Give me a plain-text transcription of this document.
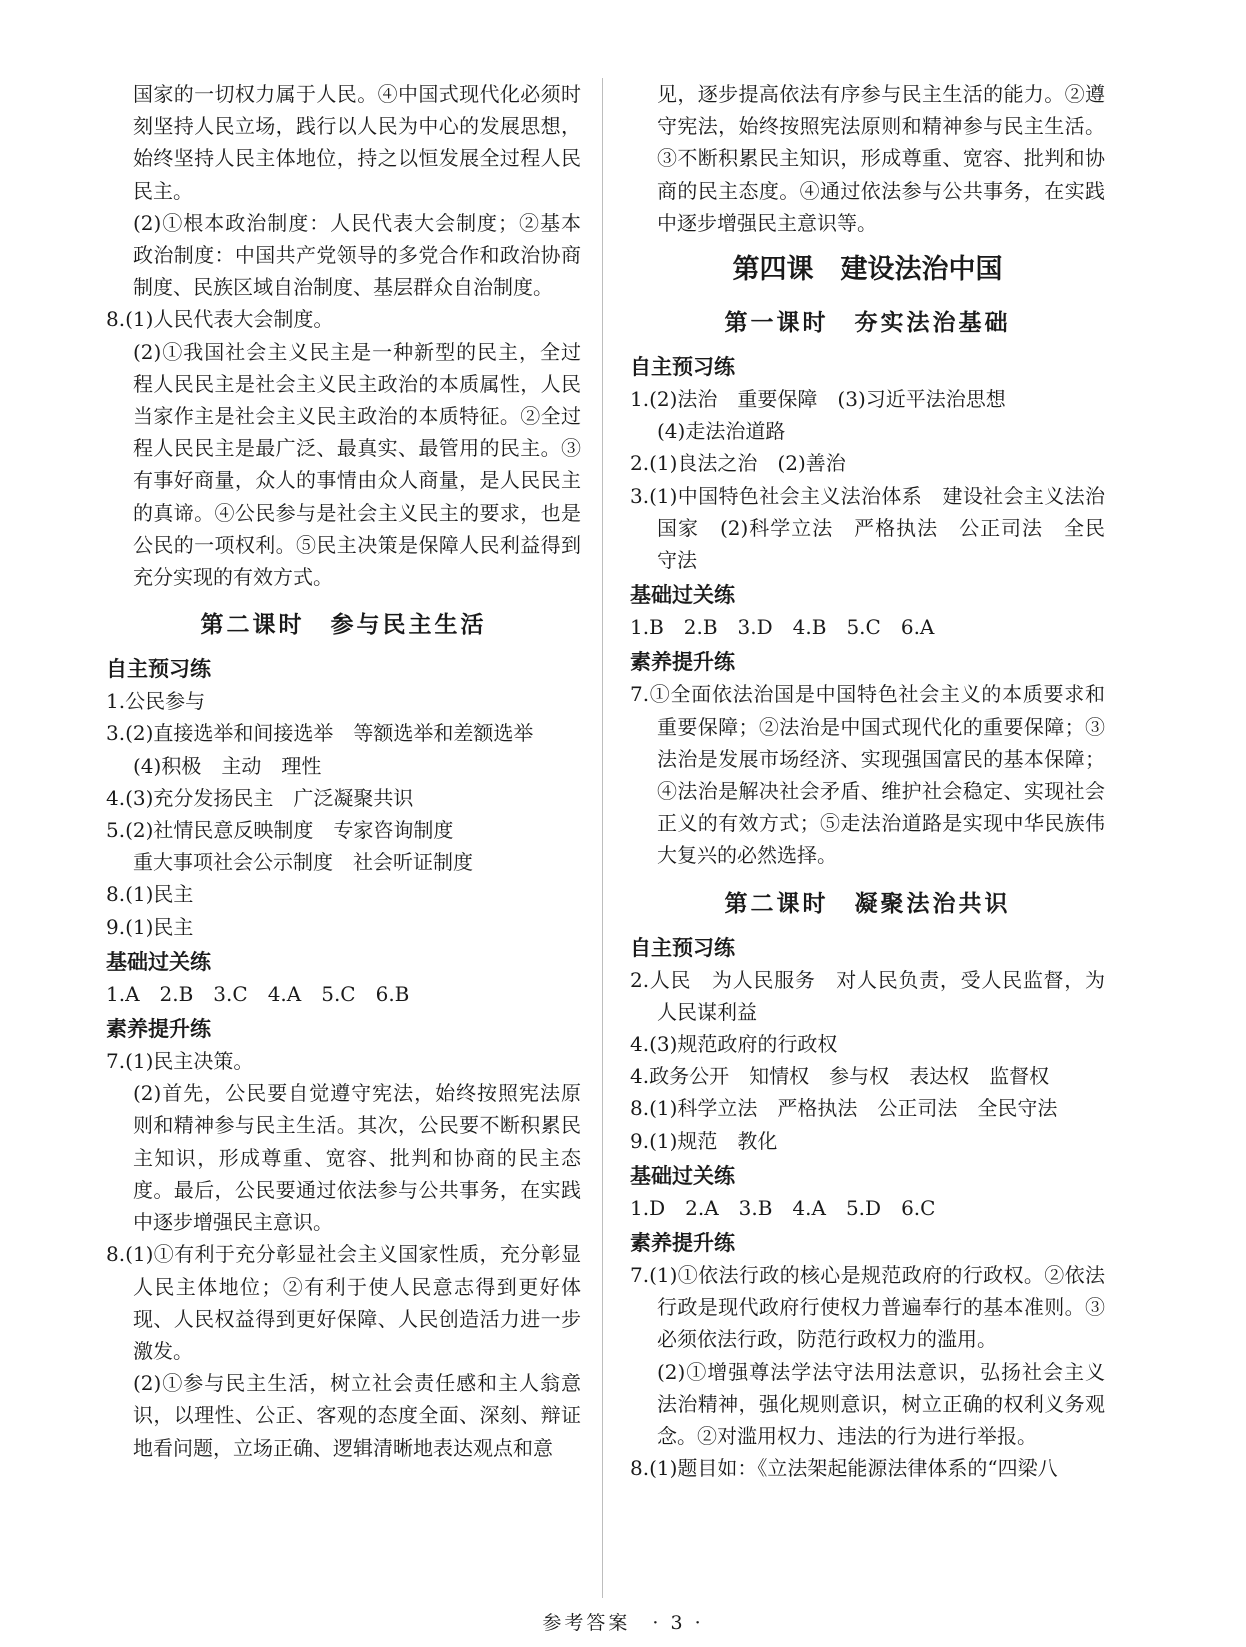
国家的一切权力属于人民。④中国式现代化必须时刻坚持人民立场，践行以人民为中心的发展思想，始终坚持人民主体地位，持之以恒发展全过程人民民主。

(2)①根本政治制度：人民代表大会制度；②基本政治制度：中国共产党领导的多党合作和政治协商制度、民族区域自治制度、基层群众自治制度。

8.(1)人民代表大会制度。

(2)①我国社会主义民主是一种新型的民主，全过程人民民主是社会主义民主政治的本质属性，人民当家作主是社会主义民主政治的本质特征。②全过程人民民主是最广泛、最真实、最管用的民主。③有事好商量，众人的事情由众人商量，是人民民主的真谛。④公民参与是社会主义民主的要求，也是公民的一项权利。⑤民主决策是保障人民利益得到充分实现的有效方式。

第二课时　参与民主生活
自主预习练

1.公民参与

3.(2)直接选举和间接选举　等额选举和差额选举

(4)积极　主动　理性

4.(3)充分发扬民主　广泛凝聚共识

5.(2)社情民意反映制度　专家咨询制度

重大事项社会公示制度　社会听证制度

8.(1)民主

9.(1)民主

基础过关练

1.A　2.B　3.C　4.A　5.C　6.B

素养提升练

7.(1)民主决策。

(2)首先，公民要自觉遵守宪法，始终按照宪法原则和精神参与民主生活。其次，公民要不断积累民主知识，形成尊重、宽容、批判和协商的民主态度。最后，公民要通过依法参与公共事务，在实践中逐步增强民主意识。

8.(1)①有利于充分彰显社会主义国家性质，充分彰显人民主体地位；②有利于使人民意志得到更好体现、人民权益得到更好保障、人民创造活力进一步激发。

(2)①参与民主生活，树立社会责任感和主人翁意识，以理性、公正、客观的态度全面、深刻、辩证地看问题，立场正确、逻辑清晰地表达观点和意

见，逐步提高依法有序参与民主生活的能力。②遵守宪法，始终按照宪法原则和精神参与民主生活。③不断积累民主知识，形成尊重、宽容、批判和协商的民主态度。④通过依法参与公共事务，在实践中逐步增强民主意识等。

第四课　建设法治中国
第一课时　夯实法治基础
自主预习练

1.(2)法治　重要保障　(3)习近平法治思想

(4)走法治道路

2.(1)良法之治　(2)善治

3.(1)中国特色社会主义法治体系　建设社会主义法治国家　(2)科学立法　严格执法　公正司法　全民守法

基础过关练

1.B　2.B　3.D　4.B　5.C　6.A

素养提升练

7.①全面依法治国是中国特色社会主义的本质要求和重要保障；②法治是中国式现代化的重要保障；③法治是发展市场经济、实现强国富民的基本保障；④法治是解决社会矛盾、维护社会稳定、实现社会正义的有效方式；⑤走法治道路是实现中华民族伟大复兴的必然选择。

第二课时　凝聚法治共识
自主预习练

2.人民　为人民服务　对人民负责，受人民监督，为人民谋利益

4.(3)规范政府的行政权

4.政务公开　知情权　参与权　表达权　监督权

8.(1)科学立法　严格执法　公正司法　全民守法

9.(1)规范　教化

基础过关练

1.D　2.A　3.B　4.A　5.D　6.C

素养提升练

7.(1)①依法行政的核心是规范政府的行政权。②依法行政是现代政府行使权力普遍奉行的基本准则。③必须依法行政，防范行政权力的滥用。

(2)①增强尊法学法守法用法意识，弘扬社会主义法治精神，强化规则意识，树立正确的权利义务观念。②对滥用权力、违法的行为进行举报。

8.(1)题目如：《立法架起能源法律体系的“四梁八

参考答案　· 3 ·
